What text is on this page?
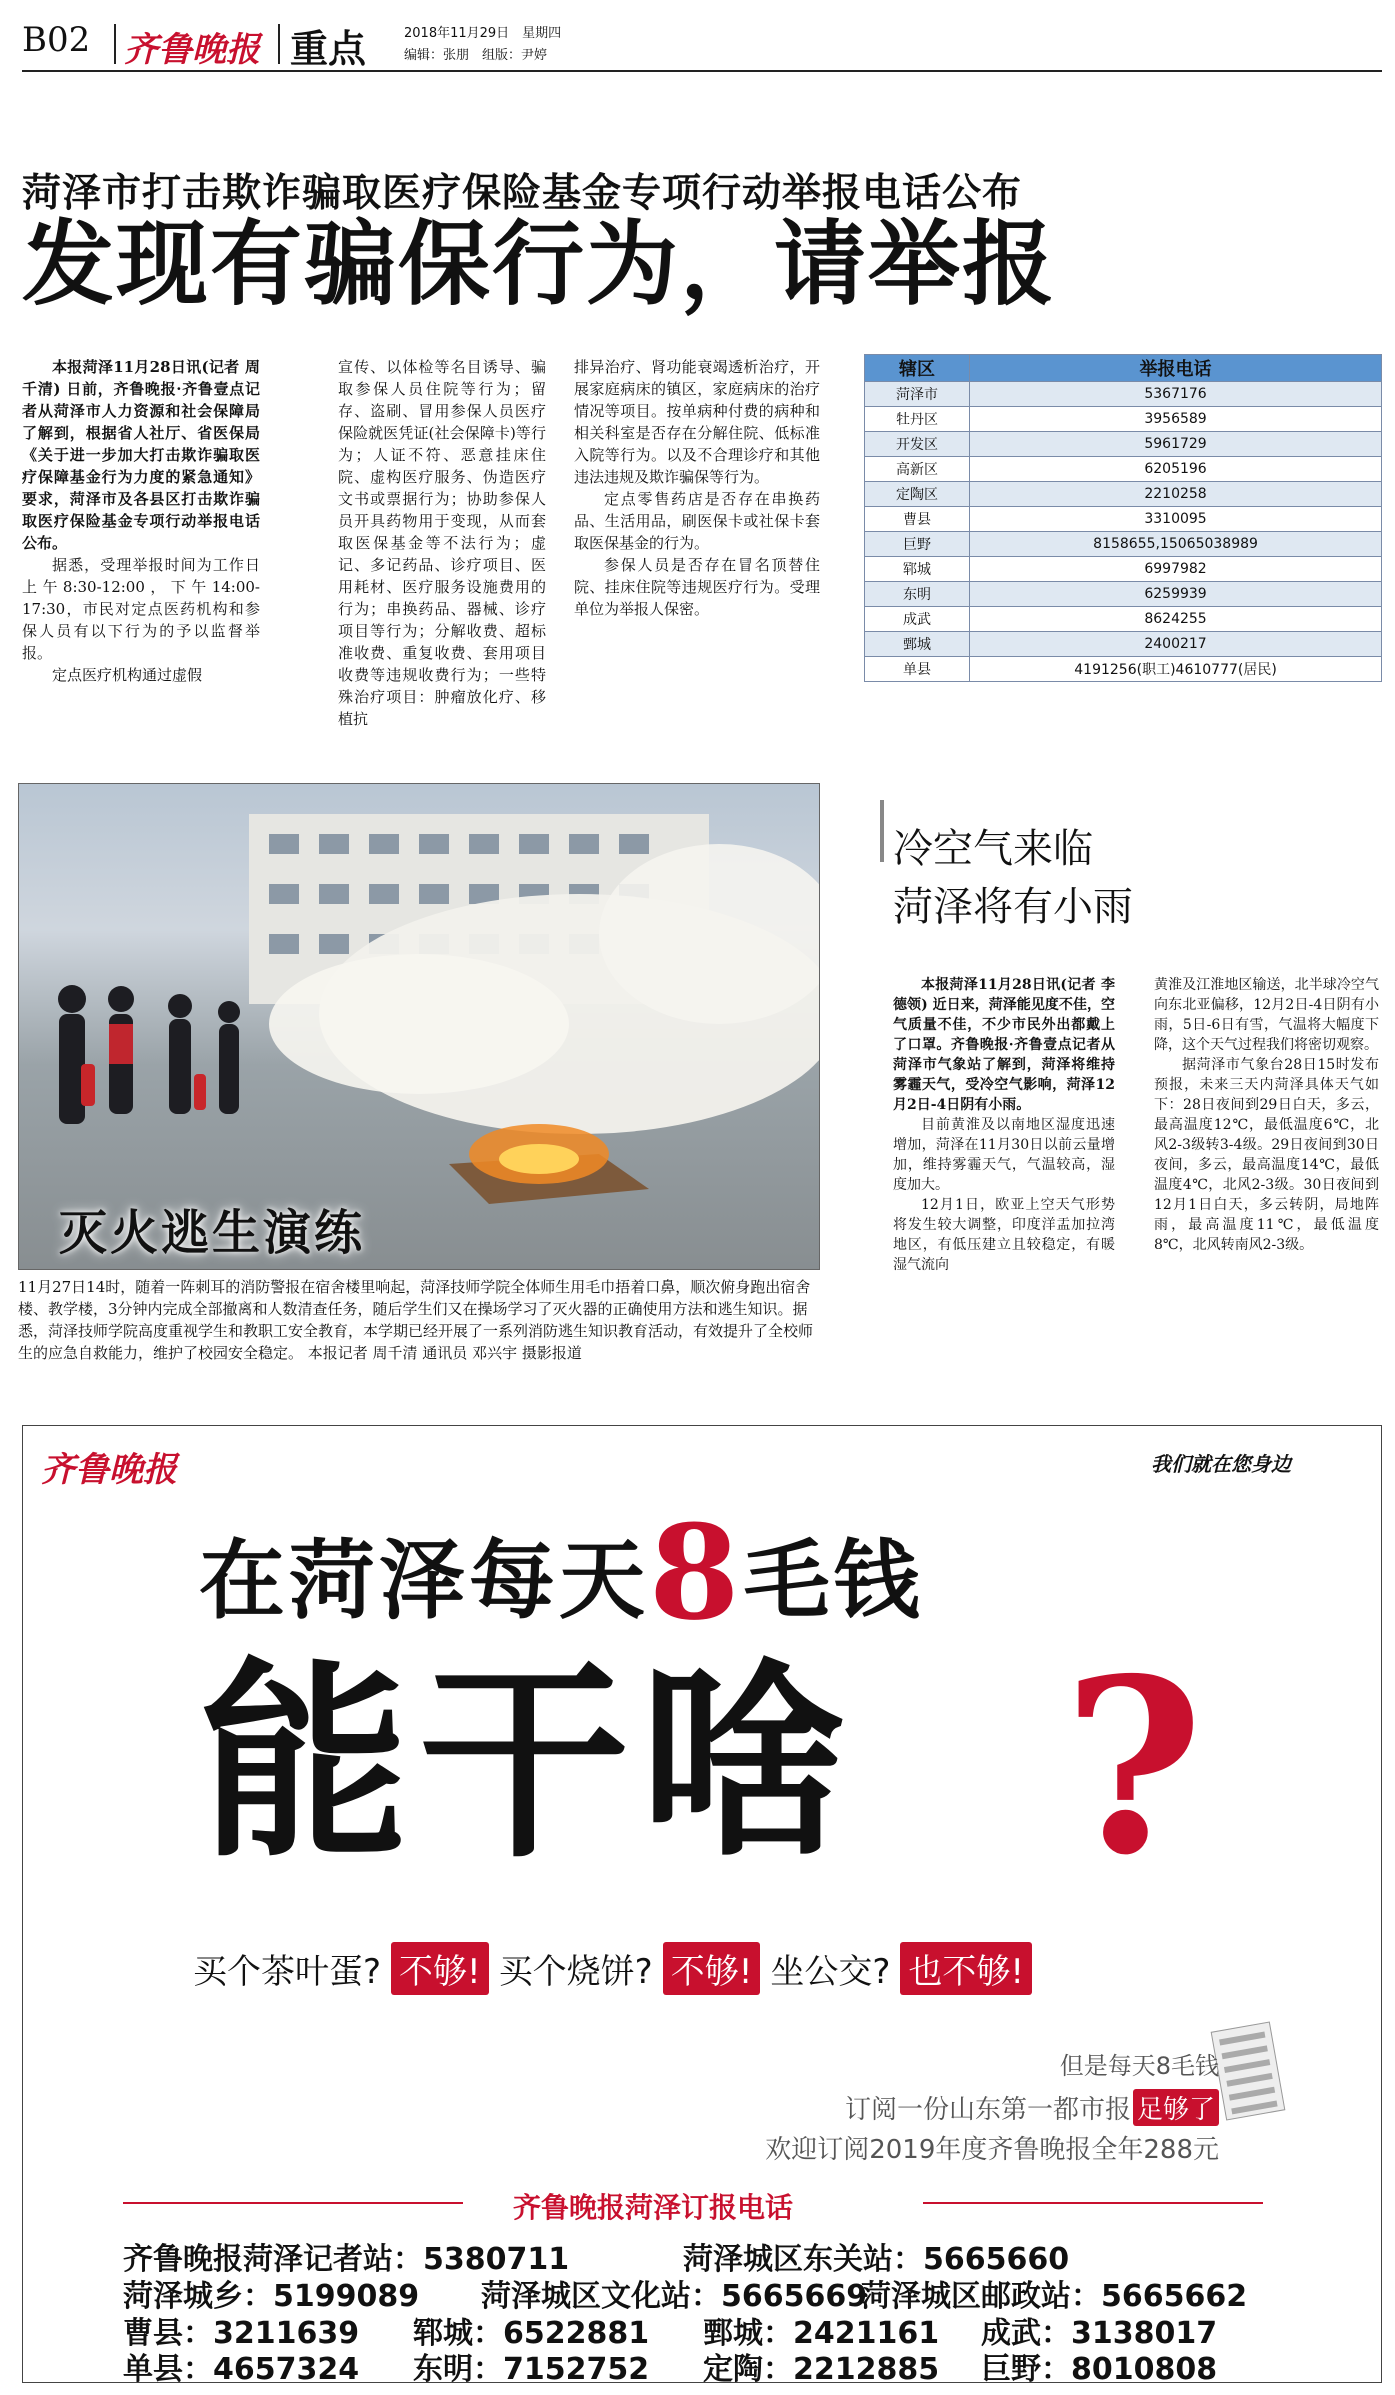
B02 齐鲁晚报 重点	2018年11月29日　星期四
编辑：张朋　组版：尹婷
菏泽市打击欺诈骗取医疗保险基金专项行动举报电话公布
发现有骗保行为，请举报

本报菏泽11月28日讯(记者 周千清) 日前，齐鲁晚报·齐鲁壹点记者从菏泽市人力资源和社会保障局了解到，根据省人社厅、省医保局《关于进一步加大打击欺诈骗取医疗保障基金行为力度的紧急通知》要求，菏泽市及各县区打击欺诈骗取医疗保险基金专项行动举报电话公布。

据悉，受理举报时间为工作日上午8:30-12:00，下午14:00-17:30，市民对定点医药机构和参保人员有以下行为的予以监督举报。

定点医疗机构通过虚假

宣传、以体检等名目诱导、骗取参保人员住院等行为；留存、盗刷、冒用参保人员医疗保险就医凭证(社会保障卡)等行为；人证不符、恶意挂床住院、虚构医疗服务、伪造医疗文书或票据行为；协助参保人员开具药物用于变现，从而套取医保基金等不法行为；虚记、多记药品、诊疗项目、医用耗材、医疗服务设施费用的行为；串换药品、器械、诊疗项目等行为；分解收费、超标准收费、重复收费、套用项目收费等违规收费行为；一些特殊治疗项目：肿瘤放化疗、移植抗

排异治疗、肾功能衰竭透析治疗，开展家庭病床的镇区，家庭病床的治疗情况等项目。按单病种付费的病种和相关科室是否存在分解住院、低标准入院等行为。以及不合理诊疗和其他违法违规及欺诈骗保等行为。

定点零售药店是否存在串换药品、生活用品，刷医保卡或社保卡套取医保基金的行为。

参保人员是否存在冒名顶替住院、挂床住院等违规医疗行为。受理单位为举报人保密。

辖区	举报电话
菏泽市	5367176
牡丹区	3956589
开发区	5961729
高新区	6205196
定陶区	2210258
曹县	3310095
巨野	8158655,15065038989
郓城	6997982
东明	6259939
成武	8624255
鄄城	2400217
单县	4191256(职工)4610777(居民)
灭火逃生演练
11月27日14时，随着一阵刺耳的消防警报在宿舍楼里响起，菏泽技师学院全体师生用毛巾捂着口鼻，顺次俯身跑出宿舍楼、教学楼，3分钟内完成全部撤离和人数清查任务，随后学生们又在操场学习了灭火器的正确使用方法和逃生知识。据悉，菏泽技师学院高度重视学生和教职工安全教育，本学期已经开展了一系列消防逃生知识教育活动，有效提升了全校师生的应急自救能力，维护了校园安全稳定。 本报记者 周千清 通讯员 邓兴宇 摄影报道
冷空气来临
菏泽将有小雨

本报菏泽11月28日讯(记者 李德领) 近日来，菏泽能见度不佳，空气质量不佳，不少市民外出都戴上了口罩。齐鲁晚报·齐鲁壹点记者从菏泽市气象站了解到，菏泽将维持雾霾天气，受冷空气影响，菏泽12月2日-4日阴有小雨。

目前黄淮及以南地区湿度迅速增加，菏泽在11月30日以前云量增加，维持雾霾天气，气温较高，湿度加大。

12月1日，欧亚上空天气形势将发生较大调整，印度洋盂加拉湾地区，有低压建立且较稳定，有暖湿气流向

黄淮及江淮地区输送，北半球冷空气向东北亚偏移，12月2日-4日阴有小雨，5日-6日有雪，气温将大幅度下降，这个天气过程我们将密切观察。

据菏泽市气象台28日15时发布预报，未来三天内菏泽具体天气如下：28日夜间到29日白天，多云，最高温度12℃，最低温度6℃，北风2-3级转3-4级。29日夜间到30日夜间，多云，最高温度14℃，最低温度4℃，北风2-3级。30日夜间到12月1日白天，多云转阴，局地阵雨，最高温度11℃，最低温度8℃，北风转南风2-3级。

齐鲁晚报	我们就在您身边
在菏泽每天8毛钱
能干啥 ?
买个茶叶蛋? 不够! 买个烧饼? 不够! 坐公交? 也不够!
但是每天8毛钱
订阅一份山东第一都市报 足够了
欢迎订阅2019年度齐鲁晚报全年288元
齐鲁晚报菏泽订报电话
齐鲁晚报菏泽记者站：5380711	菏泽城区东关站：5665660
菏泽城乡：5199089 菏泽城区文化站：5665669
菏泽城区邮政站：5665662
曹县：3211639 郓城：6522881 鄄城：2421161 成武：3138017
单县：4657324 东明：7152752 定陶：2212885 巨野：8010808
